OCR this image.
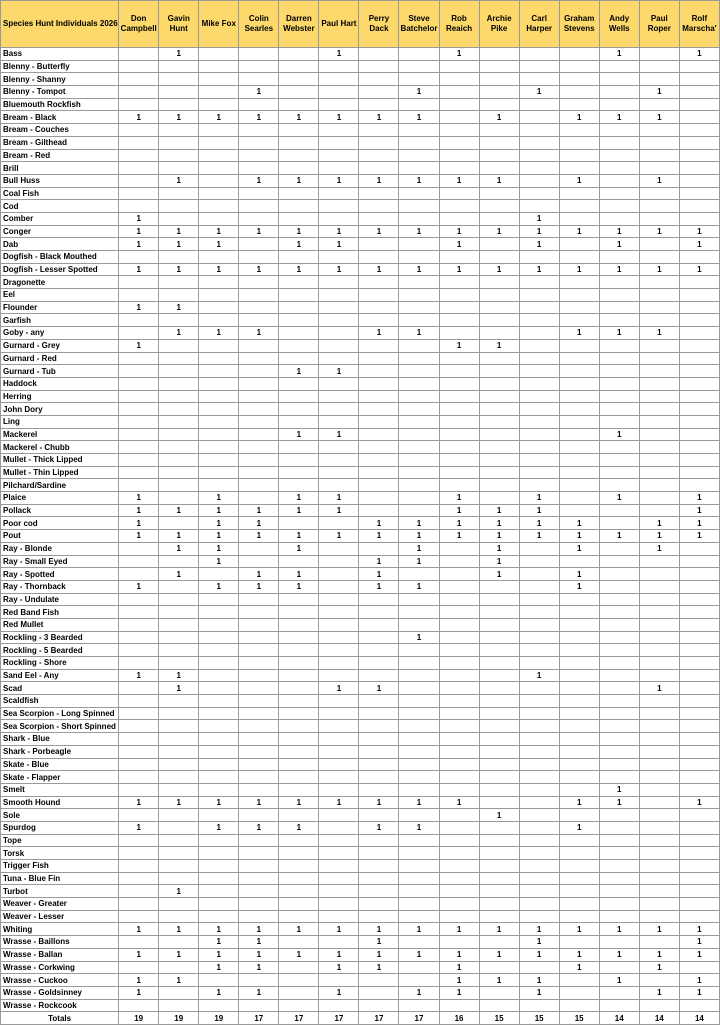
Species Hunt Individuals 2026	Don Campbell	Gavin Hunt	Mike Fox	Colin Searles	Darren Webster	Paul Hart	Perry Dack	Steve Batchelor	Rob Reaich	Archie Pike	Carl Harper	Graham Stevens	Andy Wells	Paul Roper	Rolf Marscha'
Bass		1				1			1				1		1
Blenny - Butterfly															
Blenny - Shanny															
Blenny - Tompot				1				1			1			1	
Bluemouth Rockfish															
Bream - Black	1	1	1	1	1	1	1	1		1		1	1	1	
Bream - Couches															
Bream - Gilthead															
Bream - Red															
Brill															
Bull Huss		1		1	1	1	1	1	1	1		1		1	
Coal Fish															
Cod															
Comber	1										1				
Conger	1	1	1	1	1	1	1	1	1	1	1	1	1	1	1
Dab	1	1	1		1	1			1		1		1		1
Dogfish - Black Mouthed															
Dogfish - Lesser Spotted	1	1	1	1	1	1	1	1	1	1	1	1	1	1	1
Dragonette															
Eel															
Flounder	1	1													
Garfish															
Goby - any		1	1	1			1	1				1	1	1	
Gurnard - Grey	1								1	1					
Gurnard - Red															
Gurnard - Tub					1	1									
Haddock															
Herring															
John Dory															
Ling															
Mackerel					1	1							1		
Mackerel - Chubb															
Mullet - Thick Lipped															
Mullet - Thin Lipped															
Pilchard/Sardine															
Plaice	1		1		1	1			1		1		1		1
Pollack	1	1	1	1	1	1			1	1	1				1
Poor cod	1		1	1			1	1	1	1	1	1		1	1
Pout	1	1	1	1	1	1	1	1	1	1	1	1	1	1	1
Ray - Blonde		1	1		1			1		1		1		1	
Ray - Small Eyed			1				1	1		1					
Ray - Spotted		1		1	1		1			1		1			
Ray - Thornback	1		1	1	1		1	1				1			
Ray - Undulate															
Red Band Fish															
Red Mullet															
Rockling - 3 Bearded								1							
Rockling - 5 Bearded															
Rockling - Shore															
Sand Eel - Any	1	1									1				
Scad		1				1	1							1	
Scaldfish															
Sea Scorpion - Long Spinned															
Sea Scorpion - Short Spinned															
Shark - Blue															
Shark - Porbeagle															
Skate - Blue															
Skate - Flapper															
Smelt													1		
Smooth Hound	1	1	1	1	1	1	1	1	1			1	1		1
Sole										1					
Spurdog	1		1	1	1		1	1				1			
Tope															
Torsk															
Trigger Fish															
Tuna - Blue Fin															
Turbot		1													
Weaver - Greater															
Weaver - Lesser															
Whiting	1	1	1	1	1	1	1	1	1	1	1	1	1	1	1
Wrasse - Baillons			1	1			1				1				1
Wrasse - Ballan	1	1	1	1	1	1	1	1	1	1	1	1	1	1	1
Wrasse - Corkwing			1	1		1	1		1			1		1	
Wrasse - Cuckoo	1	1							1	1	1		1		1
Wrasse - Goldsinney	1		1	1		1		1	1		1			1	1
Wrasse - Rockcook															
Totals	19	19	19	17	17	17	17	17	16	15	15	15	14	14	14
